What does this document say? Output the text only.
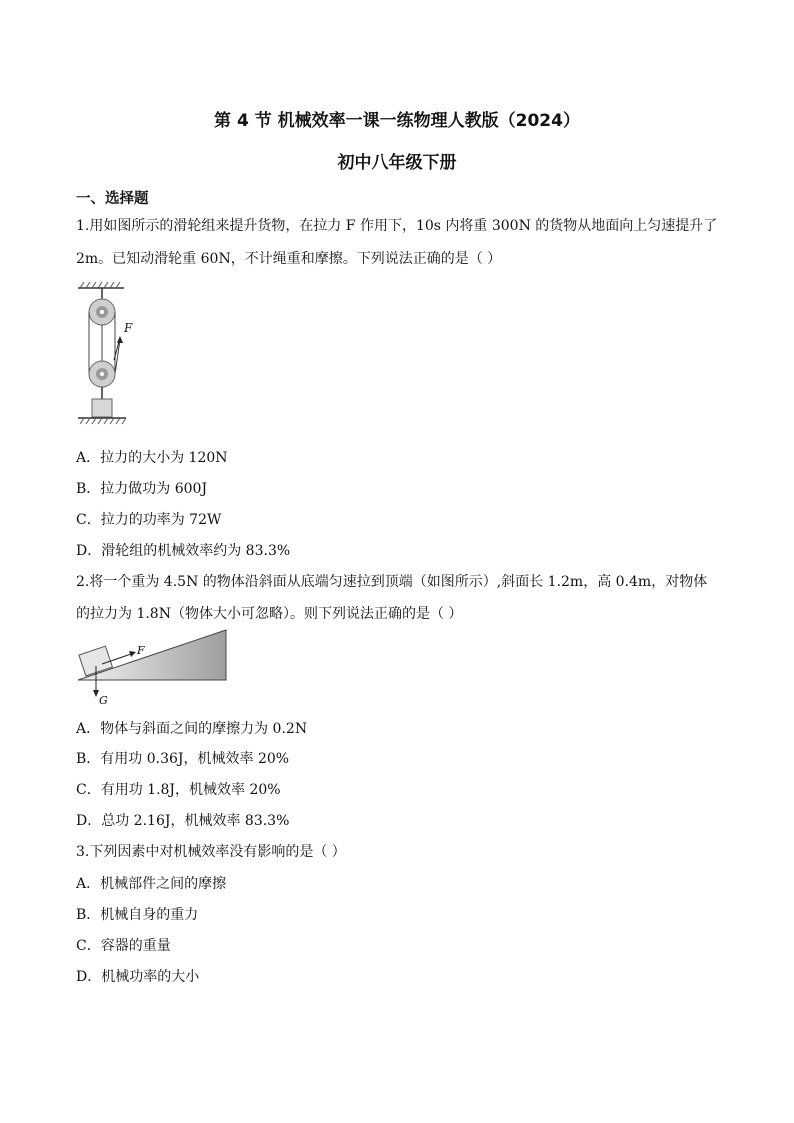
第 4 节 机械效率一课一练物理人教版（2024）
初中八年级下册
一、选择题
1.用如图所示的滑轮组来提升货物，在拉力 F 作用下，10s 内将重 300N 的货物从地面向上匀速提升了
2m。已知动滑轮重 60N，不计绳重和摩擦。下列说法正确的是（ ）
F
A．拉力的大小为 120N
B．拉力做功为 600J
C．拉力的功率为 72W
D．滑轮组的机械效率约为 83.3%
2.将一个重为 4.5N 的物体沿斜面从底端匀速拉到顶端（如图所示）,斜面长 1.2m，高 0.4m，对物体
的拉力为 1.8N（物体大小可忽略）。则下列说法正确的是（ ）
F
G
A．物体与斜面之间的摩擦力为 0.2N
B．有用功 0.36J，机械效率 20%
C．有用功 1.8J，机械效率 20%
D．总功 2.16J，机械效率 83.3%
3.下列因素中对机械效率没有影响的是（ ）
A．机械部件之间的摩擦
B．机械自身的重力
C．容器的重量
D．机械功率的大小
